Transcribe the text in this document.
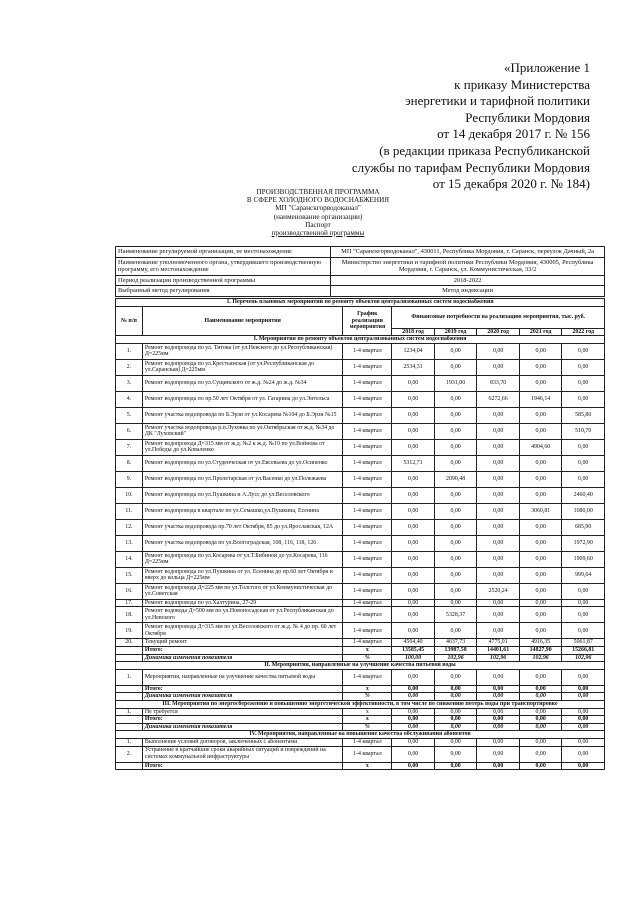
«Приложение 1
к приказу Министерства
энергетики и тарифной политики
Республики Мордовия
от 14 декабря 2017 г. № 156
(в редакции приказа Республиканской
службы по тарифам Республики Мордовия
от 15 декабря 2020 г. № 184)
ПРОИЗВОДСТВЕННАЯ ПРОГРАММА
В СФЕРЕ ХОЛОДНОГО ВОДОСНАБЖЕНИЯ
МП "Саранскгорводоканал"
(наименование организации)
Паспорт
производственной программы
Наименование регулируемой организации, ее местонахождение	МП "Саранскгорводоканал", 430011, Республика Мордовия, г. Саранск, переулок Дачный, 2а
Наименование уполномоченного органа, утвердившего производственную программу, его местонахождение	Министерство энергетики и тарифной политики Республики Мордовия, 430005, Республика Мордовия, г. Саранск, ул. Коммунистическая, 33/2
Период реализации производственной программы	2018-2022
Выбранный метод регулирования	Метод индексации
1. Перечень плановых мероприятий по ремонту объектов централизованных систем водоснабжения							
№ п/п	Наименование мероприятия	График реализации мероприятия	Финансовые потребности на реализацию мероприятия, тыс. руб.				
			2018 год	2019 год	2020 год	2021 год	2022 год
I. Мероприятия по ремонту объектов централизованных систем водоснабжения							
1.	Ремонт водопровода по ул. Титова (от ул.Невского до ул.Республиканская) Д=225мм	1-4 квартал	1234,04	0,00	0,00	0,00	0,00
2.	Ремонт водопровода по ул.Крестьянская (от ул.Республиканская до ул.Саранская) Д=225мм	1-4 квартал	2534,31	0,00	0,00	0,00	0,00
3.	Ремонт водопровода по ул.Сущинского от ж.д. №24 до ж.д. №34	1-4 квартал	0,00	1931,00	833,70	0,00	0,00
4.	Ремонт водопровода по пр.50 лет Октября от ул. Гагарина до ул.Энтельса	1-4 квартал	0,00	0,00	6272,66	1946,14	0,00
5.	Ремонт участка водопровода по Б.Эрзи от ул.Косарева №104 до Б.Эрзи №15	1-4 квартал	0,00	0,00	0,00	0,00	585,80
6.	Ремонт участка водопровода р.п.Луховка по ул.Октябрьская от ж.д. №34 до ДК "Луховский"	1-4 квартал	0,00	0,00	0,00	0,00	510,70
7.	Ремонт водопровода Д=315 мм от ж.д. №2 к ж.д. №10 по ул.Войнова от ул.Победы до ул.Коваленко	1-4 квартал	0,00	0,00	0,00	4904,60	0,00
8.	Ремонт водопровода по ул.Студенческая от ул.Евсевьева до ул.Осипенко	1-4 квартал	5312,71	0,00	0,00	0,00	0,00
9.	Ремонт водопровода по ул.Пролетарская от ул.Васенко до ул.Полежаева	1-4 квартал	0,00	2090,48	0,00	0,00	0,00
10.	Ремонт водопровода по ул.Пушкина и А.Лусс до ул.Веселовского	1-4 квартал	0,00	0,00	0,00	0,00	2460,40
11.	Ремонт водопровода в квартале по ул.Семашко,ул.Пушкина, Есенина	1-4 квартал	0,00	0,00	0,00	3060,81	1080,00
12.	Ремонт участка водопровода пр.70 лет Октября, 85 до ул.Ярославская, 12А	1-4 квартал	0,00	0,00	0,00	0,00	685,90
13.	Ремонт участка водопровода по ул.Волгоградская, 108, 116, 118, 126	1-4 квартал	0,00	0,00	0,00	0,00	1972,90
14.	Ремонт водопровода по ул.Косарева от ул.Т.Бибиной до ул.Косарева, 116 Д=225мм	1-4 квартал	0,00	0,00	0,00	0,00	1909,60
15.	Ремонт водопровода по ул.Пушкина от ул. Есенина до пр.60 лет Октября и вверх до кольца Д=225мм	1-4 квартал	0,00	0,00	0,00	0,00	999,64
16.	Ремонт водопровода Д=225 мм по ул.Толстого от ул.Коммунистическая до ул.Советская	1-4 квартал	0,00	0,00	2520,24	0,00	0,00
17.	Ремонт водопровода по ул.Халтурина, 27-29	1-4 квартал	0,00	0,00	0,00	0,00	0,00
18.	Ремонт водовода Д=500 мм по ул.Новопосадская от ул.Республиканская до ул.Невского	1-4 квартал	0,00	5328,37	0,00	0,00	0,00
19.	Ремонт водопровода Д=315 мм по ул.Веселовского от ж.д. № 4 до пр. 60 лет Октября	1-4 квартал	0,00	0,00	0,00	0,00	0,00
20.	Текущий ремонт	1-4 квартал	4504,40	4637,73	4775,01	4916,35	5061,87
	Итого:	х	13585,45	13987,58	14401,61	14827,90	15266,81
	Динамика изменения показателя	%	100,00	102,96	102,96	102,96	102,96
II. Мероприятия, направленные на улучшение качества питьевой воды							
1.	Мероприятия, направленные на улучшение качества питьевой воды	1-4 квартал	0,00	0,00	0,00	0,00	0,00
	Итого:	х	0,00	0,00	0,00	0,00	0,00
	Динамика изменения показателя	%	0,00	0,00	0,00	0,00	0,00
III. Мероприятия по энергосбережению и повышению энергетической эффективности, в том числе по снижению потерь воды при транспортировке							
1.	Не требуется	х	0,00	0,00	0,00	0,00	0,00
	Итого:	х	0,00	0,00	0,00	0,00	0,00
	Динамика изменения показателя	%	0,00	0,00	0,00	0,00	0,00
IV. Мероприятия, направленные на повышение качества обслуживания абонентов							
1.	Выполнение условий договоров, заключенных с абонентами	1-4 квартал	0,00	0,00	0,00	0,00	0,00
2.	Устранение в кратчайшие сроки аварийных ситуаций и повреждений на системах коммунальной инфраструктуры	1-4 квартал	0,00	0,00	0,00	0,00	0,00
	Итого:	х	0,00	0,00	0,00	0,00	0,00
